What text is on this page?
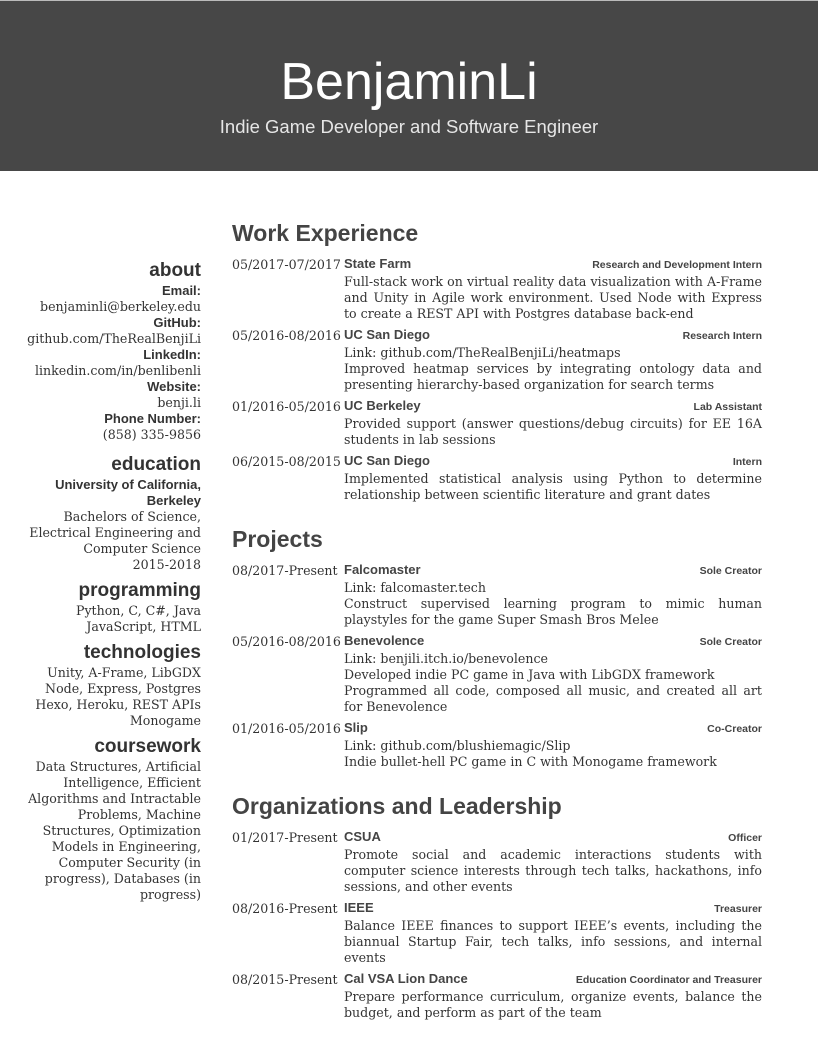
BenjaminLi
Indie Game Developer and Software Engineer
about
Email:
benjaminli@berkeley.edu
GitHub:
github.com/TheRealBenjiLi
LinkedIn:
linkedin.com/in/benlibenli
Website:
benji.li
Phone Number:
(858) 335-9856
education
University of California, Berkeley
Bachelors of Science, Electrical Engineering and Computer Science
2015-2018
programming
Python, C, C#, Java
JavaScript, HTML
technologies
Unity, A-Frame, LibGDX
Node, Express, Postgres
Hexo, Heroku, REST APIs
Monogame
coursework
Data Structures, Artificial Intelligence, Efficient Algorithms and Intractable Problems, Machine Structures, Optimization Models in Engineering, Computer Security (in progress), Databases (in progress)
Work Experience
05/2017-07/2017 State Farm	Research and Development Intern
Full-stack work on virtual reality data visualization with A-Frame and Unity in Agile work environment. Used Node with Express to create a REST API with Postgres database back-end
05/2016-08/2016 UC San Diego	Research Intern
Link: github.com/TheRealBenjiLi/heatmaps
Improved heatmap services by integrating ontology data and presenting hierarchy-based organization for search terms
01/2016-05/2016 UC Berkeley	Lab Assistant
Provided support (answer questions/debug circuits) for EE 16A students in lab sessions
06/2015-08/2015 UC San Diego	Intern
Implemented statistical analysis using Python to determine relationship between scientific literature and grant dates
Projects
08/2017-Present Falcomaster	Sole Creator
Link: falcomaster.tech
Construct supervised learning program to mimic human playstyles for the game Super Smash Bros Melee
05/2016-08/2016 Benevolence	Sole Creator
Link: benjili.itch.io/benevolence
Developed indie PC game in Java with LibGDX framework
Programmed all code, composed all music, and created all art for Benevolence
01/2016-05/2016 Slip	Co-Creator
Link: github.com/blushiemagic/Slip
Indie bullet-hell PC game in C with Monogame framework
Organizations and Leadership
01/2017-Present CSUA	Officer
Promote social and academic interactions students with computer science interests through tech talks, hackathons, info sessions, and other events
08/2016-Present IEEE	Treasurer
Balance IEEE finances to support IEEE’s events, including the biannual Startup Fair, tech talks, info sessions, and internal events
08/2015-Present Cal VSA Lion Dance	Education Coordinator and Treasurer
Prepare performance curriculum, organize events, balance the budget, and perform as part of the team
